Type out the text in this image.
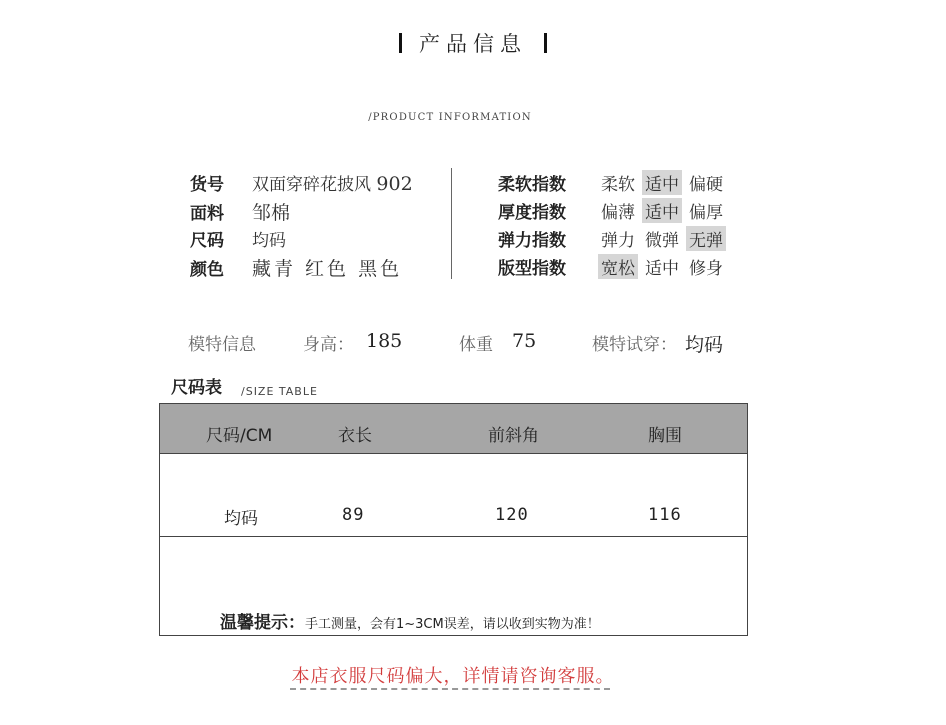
产品信息
/PRODUCT INFORMATION
货号 双面穿碎花披风 902
面料 邹棉
尺码 均码
颜色 藏青 红色 黑色
柔软指数 柔软 适中 偏硬
厚度指数 偏薄 适中 偏厚
弹力指数 弹力 微弹 无弹
版型指数 宽松 适中 修身
模特信息	身高： 185	体重 75	模特试穿： 均码
尺码表 /SIZE TABLE
尺码/CM	衣长	前斜角	胸围
均码	89	120	116
温馨提示：手工测量，会有1~3CM误差，请以收到实物为准！
本店衣服尺码偏大，详情请咨询客服。
